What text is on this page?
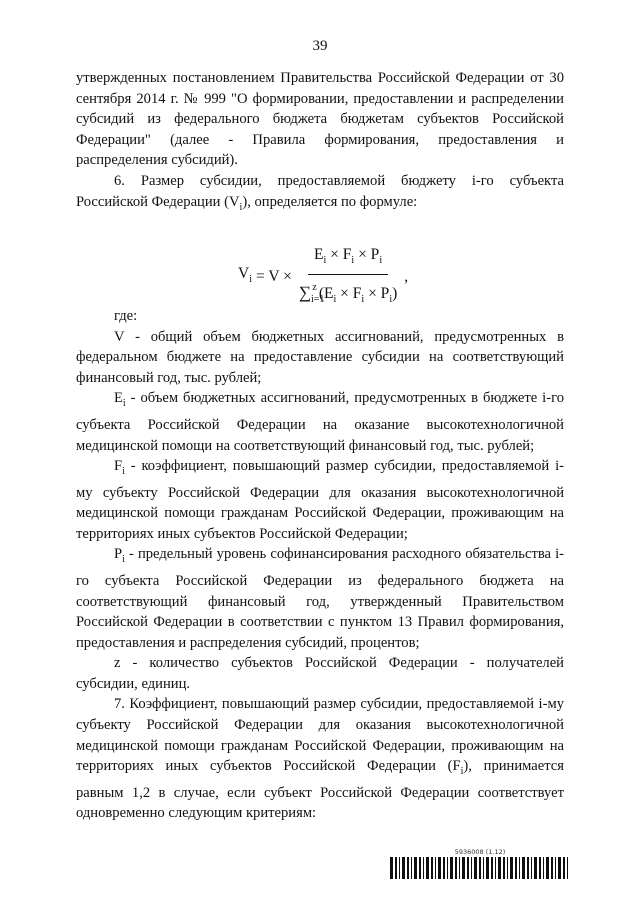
39

утвержденных постановлением Правительства Российской Федерации от 30 сентября 2014 г. № 999 "О формировании, предоставлении и распределении субсидий из федерального бюджета бюджетам субъектов Российской Федерации" (далее - Правила формирования, предоставления и распределения субсидий).

6. Размер субсидии, предоставляемой бюджету i-го субъекта Российской Федерации $(V_i)$, определяется по формуле:

$V_i = V \times \frac{E_i \times F_i \times P_i}{\sum_{i=1}^z (E_i \times F_i \times P_i)}$ ,

где:

V - общий объем бюджетных ассигнований, предусмотренных в федеральном бюджете на предоставление субсидии на соответствующий финансовый год, тыс. рублей;

$E_i$ - объем бюджетных ассигнований, предусмотренных в бюджете i-го субъекта Российской Федерации на оказание высокотехнологичной медицинской помощи на соответствующий финансовый год, тыс. рублей;

$F_i$ - коэффициент, повышающий размер субсидии, предоставляемой i-му субъекту Российской Федерации для оказания высокотехнологичной медицинской помощи гражданам Российской Федерации, проживающим на территориях иных субъектов Российской Федерации;

$P_i$ - предельный уровень софинансирования расходного обязательства i-го субъекта Российской Федерации из федерального бюджета на соответствующий финансовый год, утвержденный Правительством Российской Федерации в соответствии с пунктом 13 Правил формирования, предоставления и распределения субсидий, процентов;

z - количество субъектов Российской Федерации - получателей субсидии, единиц.

7. Коэффициент, повышающий размер субсидии, предоставляемой i-му субъекту Российской Федерации для оказания высокотехнологичной медицинской помощи гражданам Российской Федерации, проживающим на территориях иных субъектов Российской Федерации $(F_i)$, принимается равным 1,2 в случае, если субъект Российской Федерации соответствует одновременно следующим критериям:

5936008 (1.12)
